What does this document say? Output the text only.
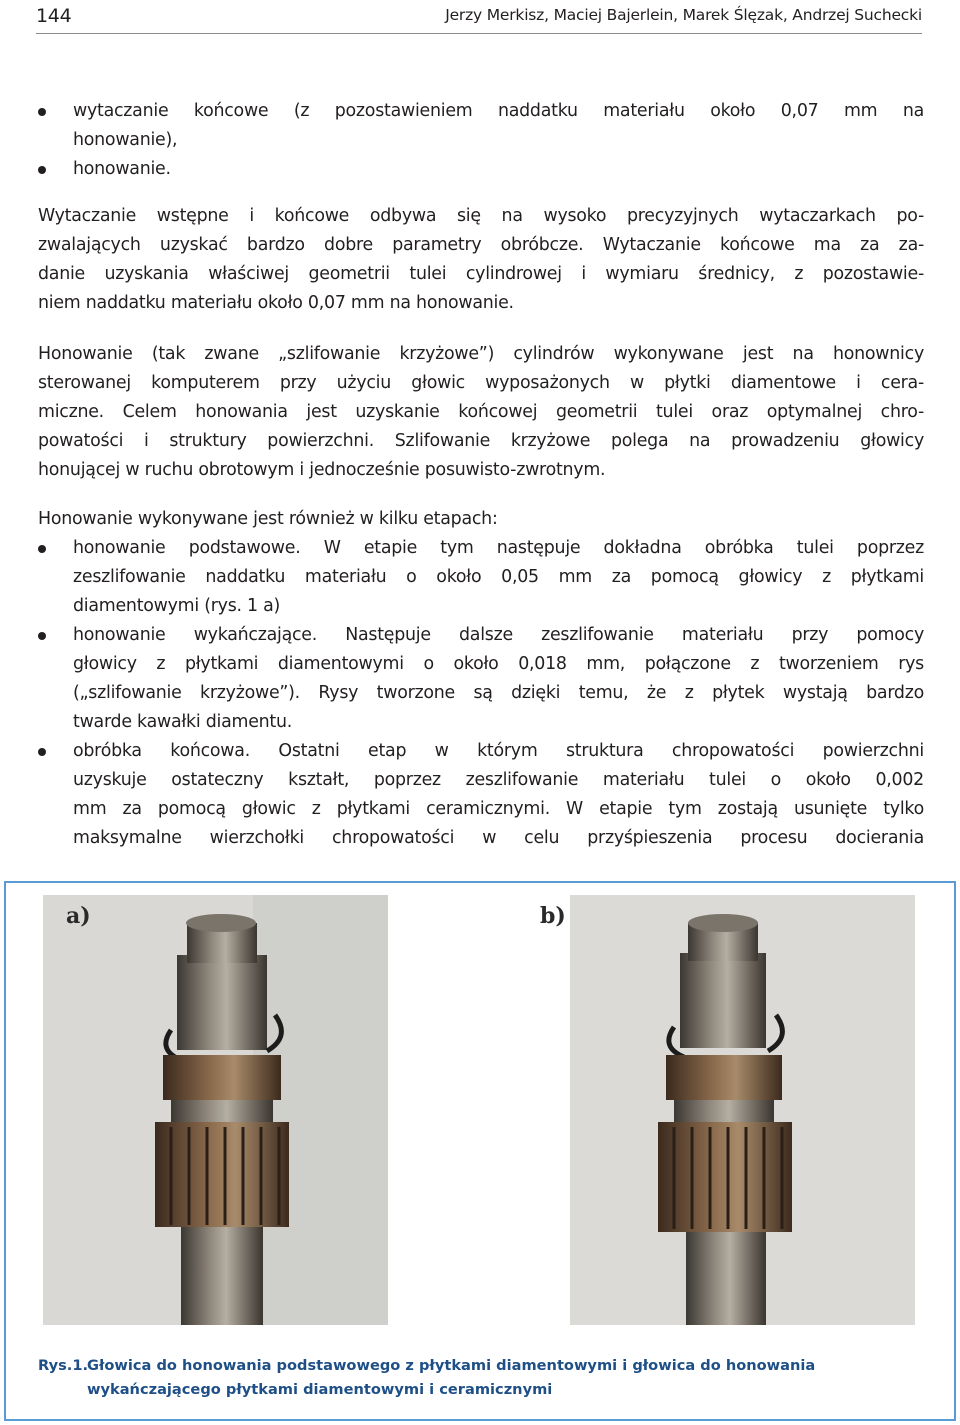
144	Jerzy Merkisz, Maciej Bajerlein, Marek Ślęzak, Andrzej Suchecki
wytaczanie końcowe (z pozostawieniem naddatku materiału około 0,07 mm na
honowanie),
honowanie.
Wytaczanie wstępne i końcowe odbywa się na wysoko precyzyjnych wytaczarkach po-
zwalających uzyskać bardzo dobre parametry obróbcze. Wytaczanie końcowe ma za za-
danie uzyskania właściwej geometrii tulei cylindrowej i wymiaru średnicy, z pozostawie-
niem naddatku materiału około 0,07 mm na honowanie.
Honowanie (tak zwane „szlifowanie krzyżowe”) cylindrów wykonywane jest na honownicy
sterowanej komputerem przy użyciu głowic wyposażonych w płytki diamentowe i cera-
miczne. Celem honowania jest uzyskanie końcowej geometrii tulei oraz optymalnej chro-
powatości i struktury powierzchni. Szlifowanie krzyżowe polega na prowadzeniu głowicy
honującej w ruchu obrotowym i jednocześnie posuwisto-zwrotnym.
Honowanie wykonywane jest również w kilku etapach:
honowanie podstawowe. W etapie tym następuje dokładna obróbka tulei poprzez
zeszlifowanie naddatku materiału o około 0,05 mm za pomocą głowicy z płytkami
diamentowymi (rys. 1 a)
honowanie wykańczające. Następuje dalsze zeszlifowanie materiału przy pomocy
głowicy z płytkami diamentowymi o około 0,018 mm, połączone z tworzeniem rys
(„szlifowanie krzyżowe”). Rysy tworzone są dzięki temu, że z płytek wystają bardzo
twarde kawałki diamentu.
obróbka końcowa. Ostatni etap w którym struktura chropowatości powierzchni
uzyskuje ostateczny kształt, poprzez zeszlifowanie materiału tulei o około 0,002
mm za pomocą głowic z płytkami ceramicznymi. W etapie tym zostają usunięte tylko
maksymalne wierzchołki chropowatości w celu przyśpieszenia procesu docierania
a)	b)
Rys.1.Głowica do honowania podstawowego z płytkami diamentowymi i głowica do honowania
wykańczającego płytkami diamentowymi i ceramicznymi
